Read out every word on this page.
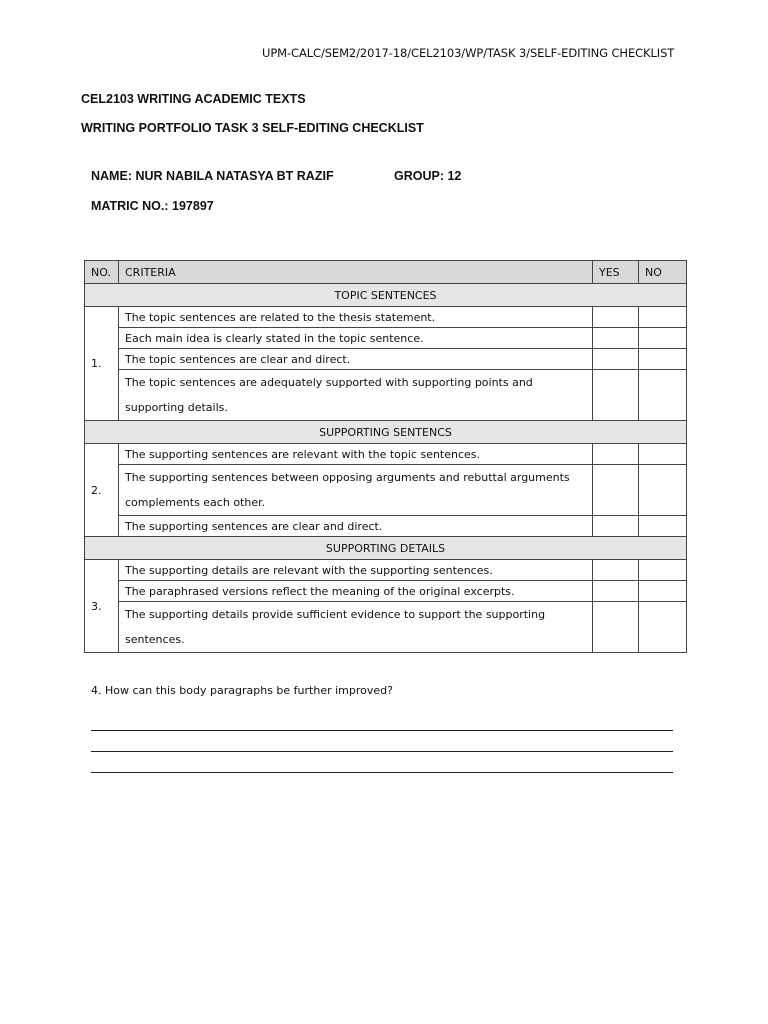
UPM-CALC/SEM2/2017-18/CEL2103/WP/TASK 3/SELF-EDITING CHECKLIST
CEL2103 WRITING ACADEMIC TEXTS
WRITING PORTFOLIO TASK 3 SELF-EDITING CHECKLIST
NAME: NUR NABILA NATASYA BT RAZIF	GROUP: 12
MATRIC NO.: 197897
NO.	CRITERIA	YES	NO
TOPIC SENTENCES			
1.	The topic sentences are related to the thesis statement.		
	Each main idea is clearly stated in the topic sentence.		
	The topic sentences are clear and direct.		

	The topic sentences are adequately supported with supporting points and supporting details.		

SUPPORTING SENTENCS			
2.	The supporting sentences are relevant with the topic sentences.		

	The supporting sentences between opposing arguments and rebuttal arguments complements each other.		

	The supporting sentences are clear and direct.		
SUPPORTING DETAILS			
3.	The supporting details are relevant with the supporting sentences.		
	The paraphrased versions reflect the meaning of the original excerpts.		

	The supporting details provide sufficient evidence to support the supporting sentences.		

4. How can this body paragraphs be further improved?
